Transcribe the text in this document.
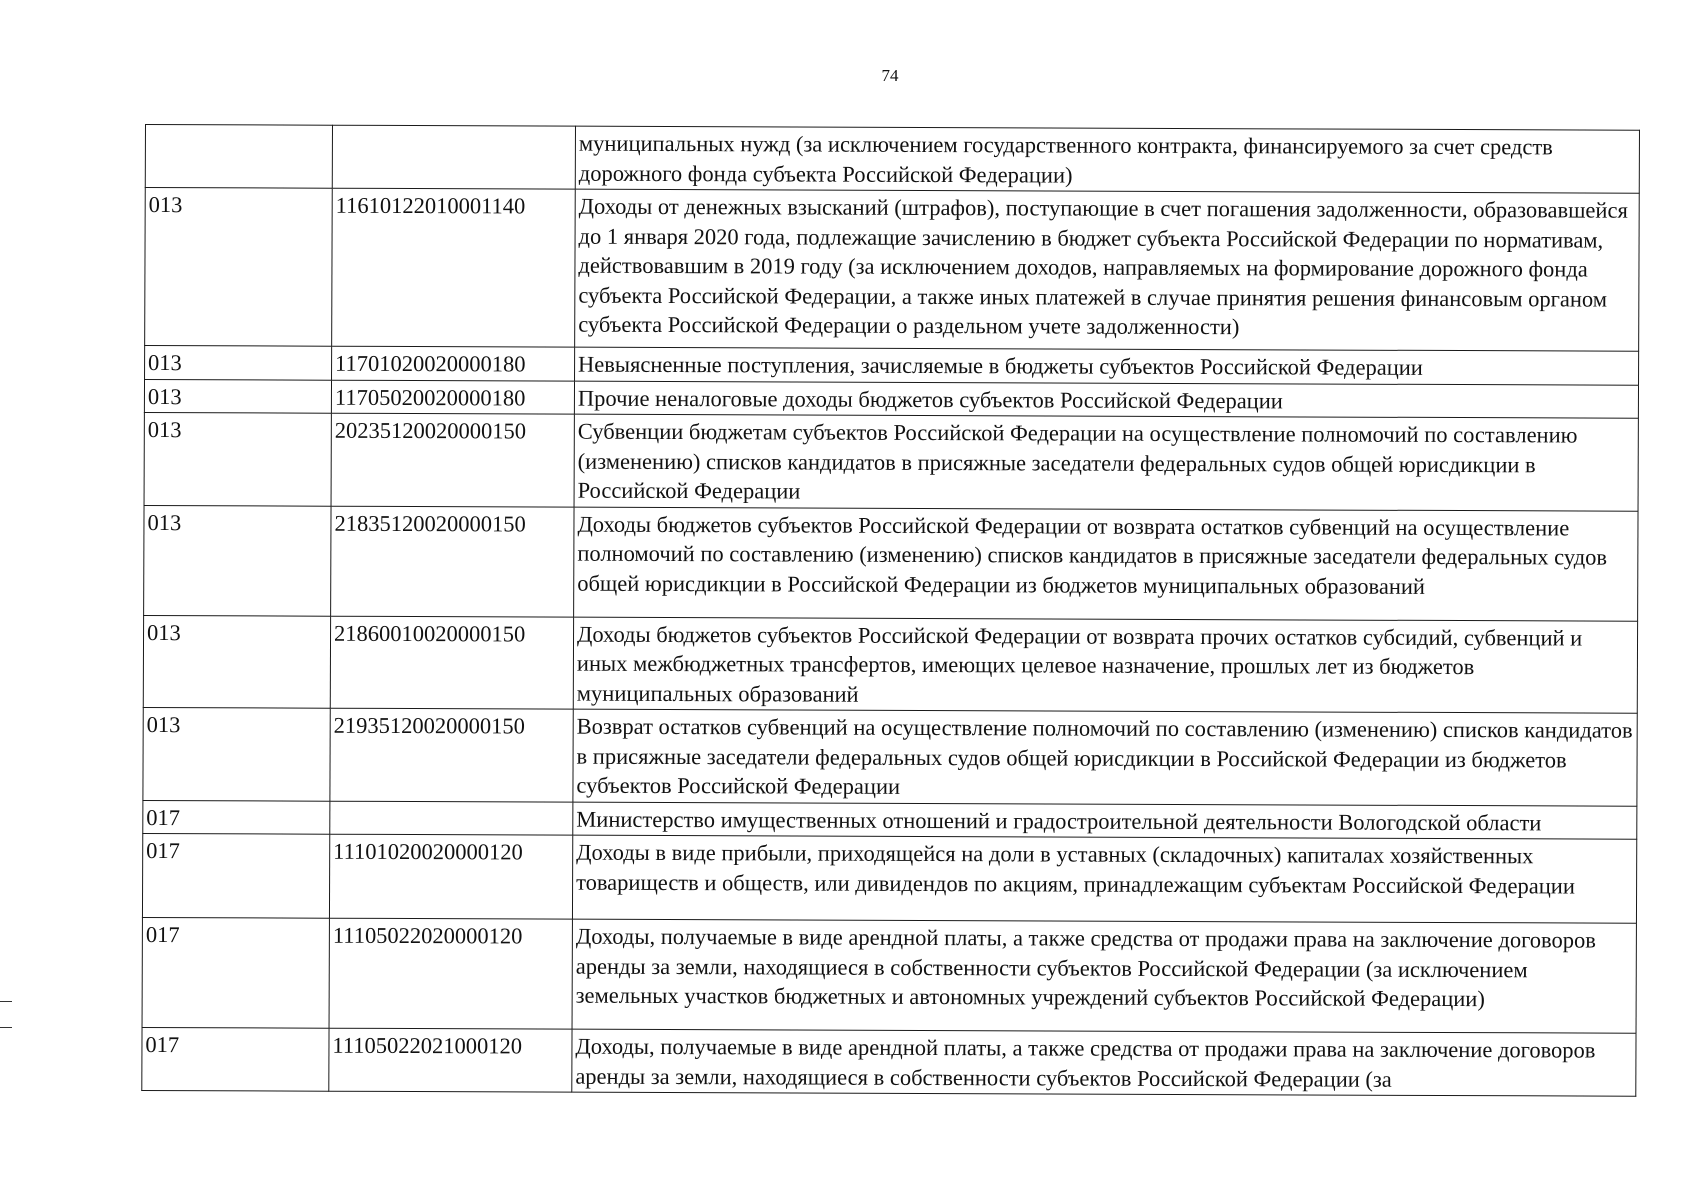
74
		муниципальных нужд (за исключением государственного контракта, финансируемого за счет средств дорожного фонда субъекта Российской Федерации)
013	11610122010001140	Доходы от денежных взысканий (штрафов), поступающие в счет погашения задолженности, образовавшейся до 1 января 2020 года, подлежащие зачислению в бюджет субъекта Российской Федерации по нормативам, действовавшим в 2019 году (за исключением доходов, направляемых на формирование дорожного фонда субъекта Российской Федерации, а также иных платежей в случае принятия решения финансовым органом субъекта Российской Федерации о раздельном учете задолженности)
013	11701020020000180	Невыясненные поступления, зачисляемые в бюджеты субъектов Российской Федерации
013	11705020020000180	Прочие неналоговые доходы бюджетов субъектов Российской Федерации
013	20235120020000150	Субвенции бюджетам субъектов Российской Федерации на осуществление полномочий по составлению (изменению) списков кандидатов в присяжные заседатели федеральных судов общей юрисдикции в Российской Федерации
013	21835120020000150	Доходы бюджетов субъектов Российской Федерации от возврата остатков субвенций на осуществление полномочий по составлению (изменению) списков кандидатов в присяжные заседатели федеральных судов общей юрисдикции в Российской Федерации из бюджетов муниципальных образований
013	21860010020000150	Доходы бюджетов субъектов Российской Федерации от возврата прочих остатков субсидий, субвенций и иных межбюджетных трансфертов, имеющих целевое назначение, прошлых лет из бюджетов муниципальных образований
013	21935120020000150	Возврат остатков субвенций на осуществление полномочий по составлению (изменению) списков кандидатов в присяжные заседатели федеральных судов общей юрисдикции в Российской Федерации из бюджетов субъектов Российской Федерации
017		Министерство имущественных отношений и градостроительной деятельности Вологодской области
017	11101020020000120	Доходы в виде прибыли, приходящейся на доли в уставных (складочных) капиталах хозяйственных товариществ и обществ, или дивидендов по акциям, принадлежащим субъектам Российской Федерации
017	11105022020000120	Доходы, получаемые в виде арендной платы, а также средства от продажи права на заключение договоров аренды за земли, находящиеся в собственности субъектов Российской Федерации (за исключением земельных участков бюджетных и автономных учреждений субъектов Российской Федерации)
017	11105022021000120	Доходы, получаемые в виде арендной платы, а также средства от продажи права на заключение договоров аренды за земли, находящиеся в собственности субъектов Российской Федерации (за
